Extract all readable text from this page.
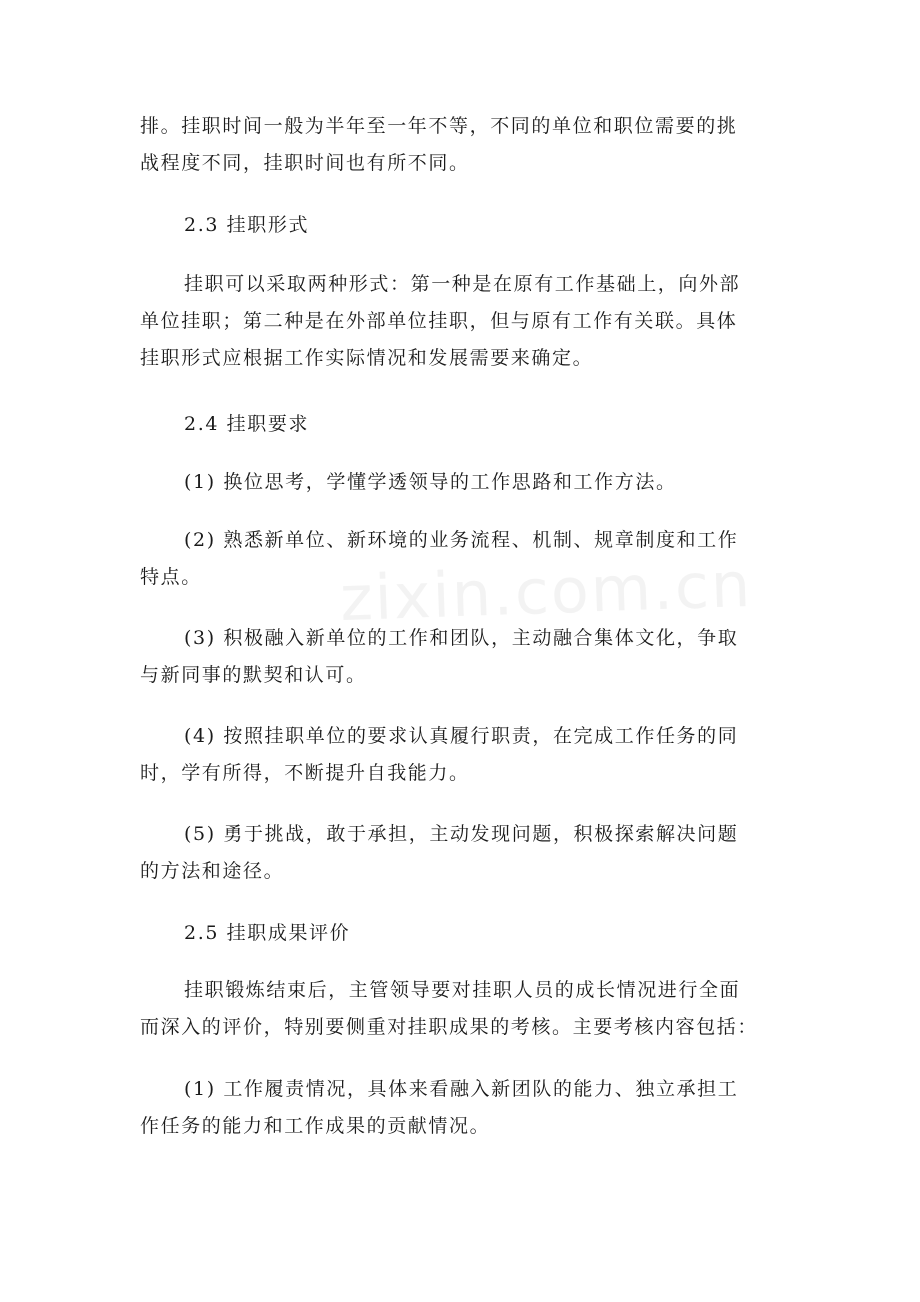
zixin.com.cn

排。挂职时间一般为半年至一年不等，不同的单位和职位需要的挑
战程度不同，挂职时间也有所不同。

2.3 挂职形式

挂职可以采取两种形式：第一种是在原有工作基础上，向外部
单位挂职；第二种是在外部单位挂职，但与原有工作有关联。具体
挂职形式应根据工作实际情况和发展需要来确定。

2.4 挂职要求

(1) 换位思考，学懂学透领导的工作思路和工作方法。

(2) 熟悉新单位、新环境的业务流程、机制、规章制度和工作
特点。

(3) 积极融入新单位的工作和团队，主动融合集体文化，争取
与新同事的默契和认可。

(4) 按照挂职单位的要求认真履行职责，在完成工作任务的同
时，学有所得，不断提升自我能力。

(5) 勇于挑战，敢于承担，主动发现问题，积极探索解决问题
的方法和途径。

2.5 挂职成果评价

挂职锻炼结束后，主管领导要对挂职人员的成长情况进行全面
而深入的评价，特别要侧重对挂职成果的考核。主要考核内容包括：

(1) 工作履责情况，具体来看融入新团队的能力、独立承担工
作任务的能力和工作成果的贡献情况。
